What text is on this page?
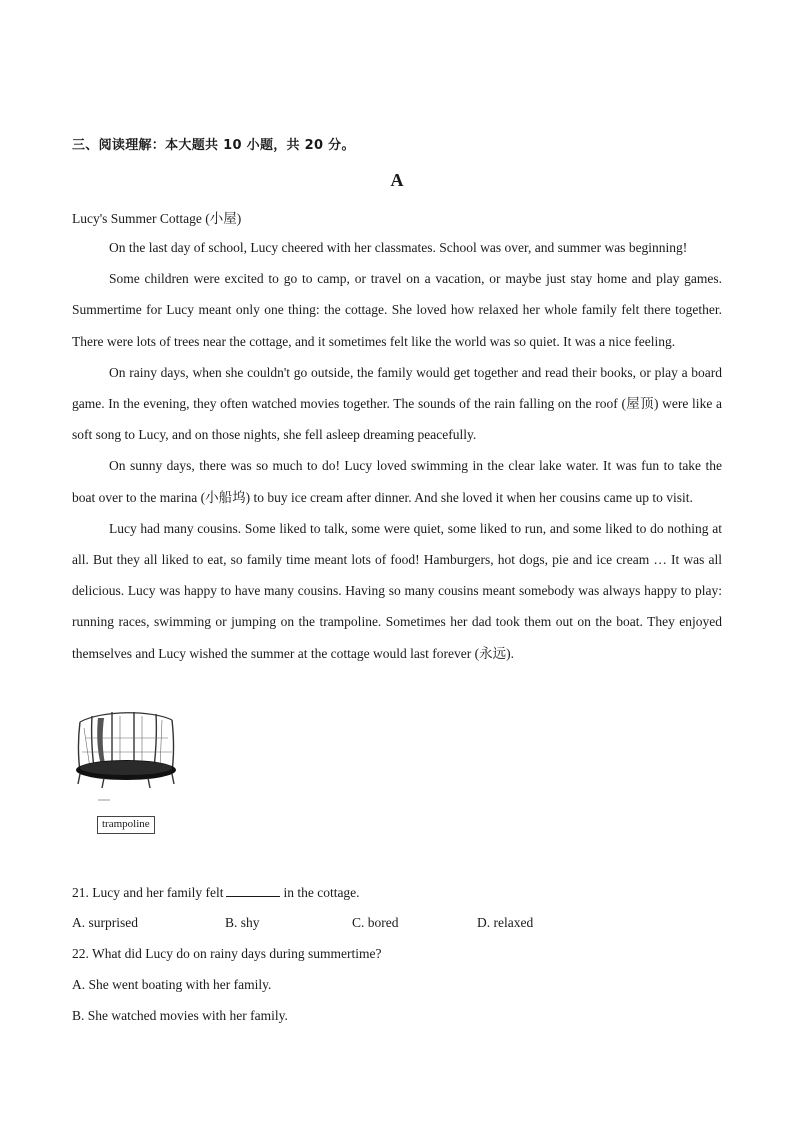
三、阅读理解：本大题共 10 小题，共 20 分。
A
Lucy's Summer Cottage (小屋)

On the last day of school, Lucy cheered with her classmates. School was over, and summer was beginning!

Some children were excited to go to camp, or travel on a vacation, or maybe just stay home and play games. Summertime for Lucy meant only one thing: the cottage. She loved how relaxed her whole family felt there together. There were lots of trees near the cottage, and it sometimes felt like the world was so quiet. It was a nice feeling.

On rainy days, when she couldn't go outside, the family would get together and read their books, or play a board game. In the evening, they often watched movies together. The sounds of the rain falling on the roof (屋顶) were like a soft song to Lucy, and on those nights, she fell asleep dreaming peacefully.

On sunny days, there was so much to do! Lucy loved swimming in the clear lake water. It was fun to take the boat over to the marina (小船坞) to buy ice cream after dinner. And she loved it when her cousins came up to visit.

Lucy had many cousins. Some liked to talk, some were quiet, some liked to run, and some liked to do nothing at all. But they all liked to eat, so family time meant lots of food! Hamburgers, hot dogs, pie and ice cream … It was all delicious. Lucy was happy to have many cousins. Having so many cousins meant somebody was always happy to play: running races, swimming or jumping on the trampoline. Sometimes her dad took them out on the boat. They enjoyed themselves and Lucy wished the summer at the cottage would last forever (永远).

trampoline
21. Lucy and her family felt	in the cottage.
A. surprised	B. shy	C. bored	D. relaxed
22. What did Lucy do on rainy days during summertime?
A. She went boating with her family.
B. She watched movies with her family.
